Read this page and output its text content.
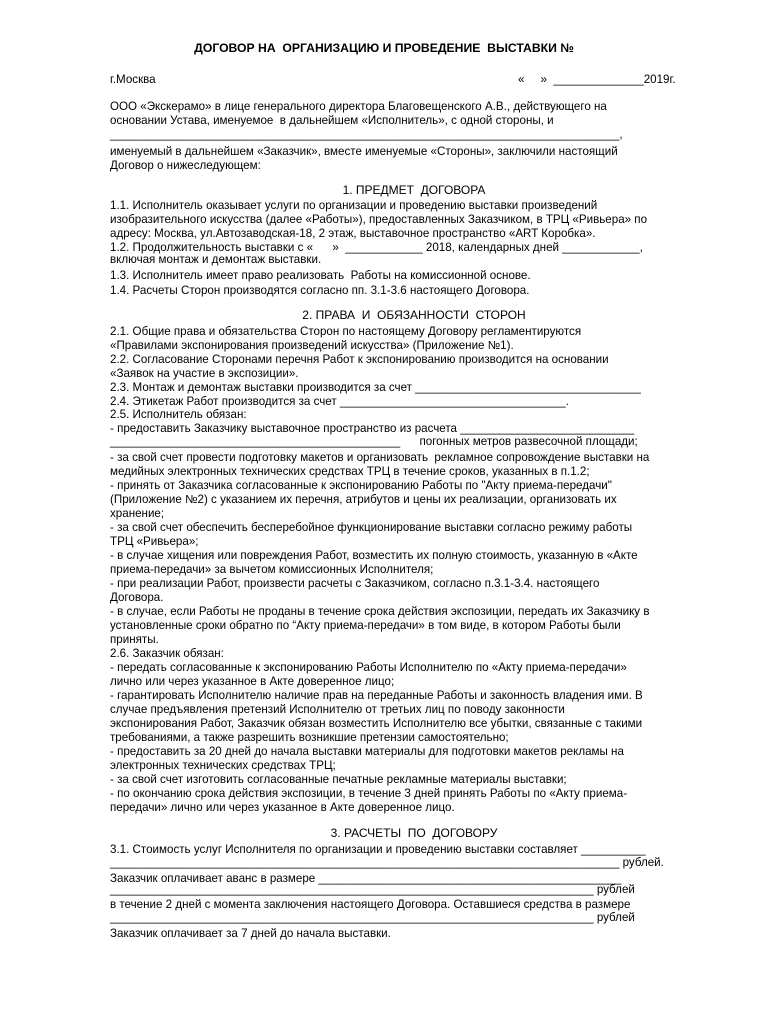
ДОГОВОР НА  ОРГАНИЗАЦИЮ И ПРОВЕДЕНИЕ  ВЫСТАВКИ №
г.Москва	«     »  ______________2019г.
ООО «Экскерамо» в лице генерального директора Благовещенского А.В., действующего на
основании Устава, именуемое  в дальнейшем «Исполнитель», с одной стороны, и
_______________________________________________________________________________,
именуемый в дальнейшем «Заказчик», вместе именуемые «Стороны», заключили настоящий
Договор о нижеследующем:
1. ПРЕДМЕТ  ДОГОВОРА
1.1. Исполнитель оказывает услуги по организации и проведению выставки произведений
изобразительного искусства (далее «Работы»), предоставленных Заказчиком, в ТРЦ «Ривьера» по
адресу: Москва, ул.Автозаводская-18, 2 этаж, выставочное пространство «ART Коробка».
1.2. Продолжительность выставки с «      »  ____________ 2018, календарных дней ____________,
включая монтаж и демонтаж выставки.
1.3. Исполнитель имеет право реализовать  Работы на комиссионной основе.
1.4. Расчеты Сторон производятся согласно пп. 3.1-3.6 настоящего Договора.
2. ПРАВА  И  ОБЯЗАННОСТИ  СТОРОН
2.1. Общие права и обязательства Сторон по настоящему Договору регламентируются
«Правилами экспонирования произведений искусства» (Приложение №1).
2.2. Согласование Сторонами перечня Работ к экспонированию производится на основании
«Заявок на участие в экспозиции».
2.3. Монтаж и демонтаж выставки производится за счет ___________________________________
2.4. Этикетаж Работ производится за счет ___________________________________.
2.5. Исполнитель обязан:
- предоставить Заказчику выставочное пространство из расчета ___________________________
_____________________________________________      погонных метров развесочной площади;
- за свой счет провести подготовку макетов и организовать  рекламное сопровождение выставки на
медийных электронных технических средствах ТРЦ в течение сроков, указанных в п.1.2;
- принять от Заказчика согласованные к экспонированию Работы по "Акту приема-передачи"
(Приложение №2) с указанием их перечня, атрибутов и цены их реализации, организовать их
хранение;
- за свой счет обеспечить бесперебойное функционирование выставки согласно режиму работы
ТРЦ «Ривьера»;
- в случае хищения или повреждения Работ, возместить их полную стоимость, указанную в «Акте
приема-передачи» за вычетом комиссионных Исполнителя;
- при реализации Работ, произвести расчеты с Заказчиком, согласно п.3.1-3.4. настоящего
Договора.
- в случае, если Работы не проданы в течение срока действия экспозиции, передать их Заказчику в
установленные сроки обратно по “Акту приема-передачи» в том виде, в котором Работы были
приняты.
2.6. Заказчик обязан:
- передать согласованные к экспонированию Работы Исполнителю по «Акту приема-передачи»
лично или через указанное в Акте доверенное лицо;
- гарантировать Исполнителю наличие прав на переданные Работы и законность владения ими. В
случае предъявления претензий Исполнителю от третьих лиц по поводу законности
экспонирования Работ, Заказчик обязан возместить Исполнителю все убытки, связанные с такими
требованиями, а также разрешить возникшие претензии самостоятельно;
- предоставить за 20 дней до начала выставки материалы для подготовки макетов рекламы на
электронных технических средствах ТРЦ;
- за свой счет изготовить согласованные печатные рекламные материалы выставки;
- по окончанию срока действия экспозиции, в течение 3 дней принять Работы по «Акту приема-
передачи» лично или через указанное в Акте доверенное лицо.
3. РАСЧЕТЫ  ПО  ДОГОВОРУ
3.1. Стоимость услуг Исполнителя по организации и проведению выставки составляет __________
_______________________________________________________________________________ рублей.
Заказчик оплачивает аванс в размере _______________________________________________
___________________________________________________________________________ рублей
в течение 2 дней с момента заключения настоящего Договора. Оставшиеся средства в размере
___________________________________________________________________________ рублей
Заказчик оплачивает за 7 дней до начала выставки.
